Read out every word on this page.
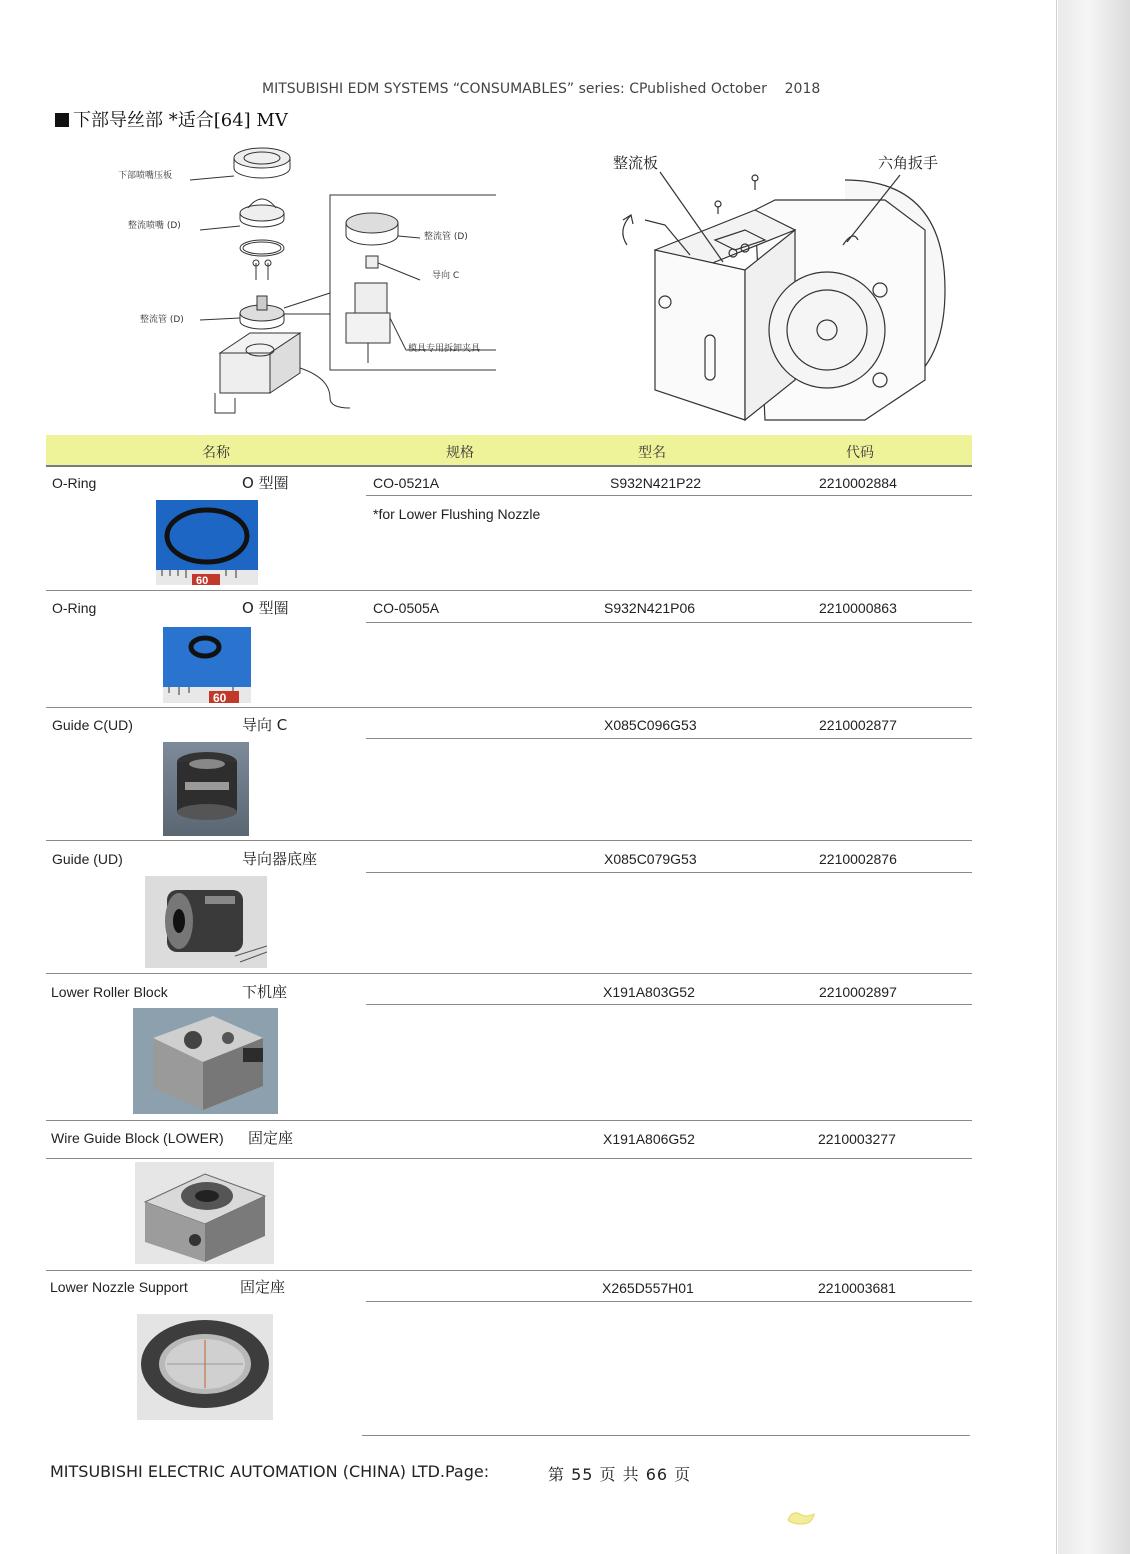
MITSUBISHI EDM SYSTEMS “CONSUMABLES” series: CPublished October    2018
下部导丝部 *适合[64] MV
下部喷嘴压板
整流喷嘴 (D)
整流管 (D)
整流管 (D)
导向 C
模具专用拆卸夹具
整流板	六角扳手
名称	规格	型名	代码
O-Ring	O 型圈	CO-0521A	S932N421P22	2210002884
*for Lower Flushing Nozzle
60
O-Ring	O 型圈	CO-0505A	S932N421P06	2210000863
60
Guide C(UD)	导向 C	X085C096G53	2210002877
Guide (UD)	导向器底座	X085C079G53	2210002876
Lower Roller Block	下机座	X191A803G52	2210002897
Wire Guide Block (LOWER) 固定座	X191A806G52	2210003277
Lower Nozzle Support	固定座	X265D557H01	2210003681
MITSUBISHI ELECTRIC AUTOMATION (CHINA) LTD.Page:	第 55 页 共 66 页
